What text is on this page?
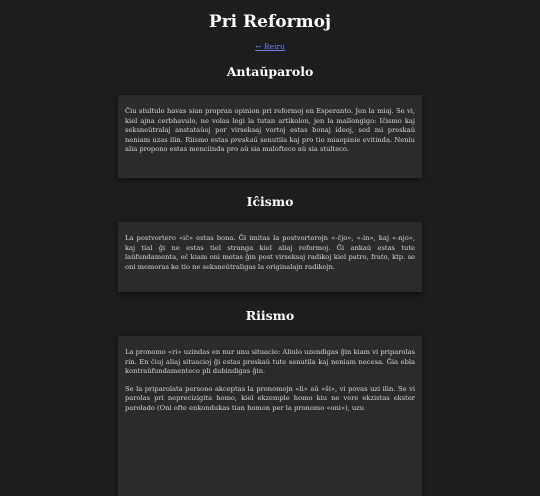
Pri Reformoj
← Reiru
Antaŭparolo

Ĉiu stultulo havas sian propran opinion pri reformoj en Esperanto. Jen la miaj. Se vi, kiel ajna cerbhavulo, ne volas legi la tutan artikolon, jen la mallongigo: Iĉismo kaj seksneŭtralaj anstataŭoj por virseksaj vortoj estas bonaj ideoj, sed mi preskaŭ neniam uzas ilin. Riismo estas preskaŭ senutila kaj pro tio miaopinie evitinda. Neniu alia propono estas menciinda pro aŭ sia malofteco aŭ sia stulteco.

Iĉismo

La postvortero «iĉ» estas bona. Ĝi imitas la postvorterojn «-ĉjo», «-in», kaj «-njo», kaj tial ĝi ne estas tiel stranga kiel aliaj reformoj. Ĝi ankaŭ estas tute laŭfundamenta, eĉ kiam oni metas ĝin post virseksaj radikoj kiel patro, frato, ktp. se oni memoras ke tio ne seksneŭtraligas la originalajn radikojn.

Riismo

La pronomo «ri» uzindas en nur unu situacio: Aliulo uzendigas ĝin kiam vi priparolas rin. En ĉiuj aliaj situacioj ĝi estas preskaŭ tute senutila kaj neniam necesa. Ĝia ebla kontraŭfundamenteco pli dubindigas ĝin.

Se la priparolata persono akceptas la pronomojn «li» aŭ «ŝi», vi povas uzi ilin. Se vi parolas pri neprecizigita homo, kiel ekzemple homo kiu ne vere ekzistas ekster parolado (Oni ofte enkondukas tian homon per la pronomo «oni»), uzu
